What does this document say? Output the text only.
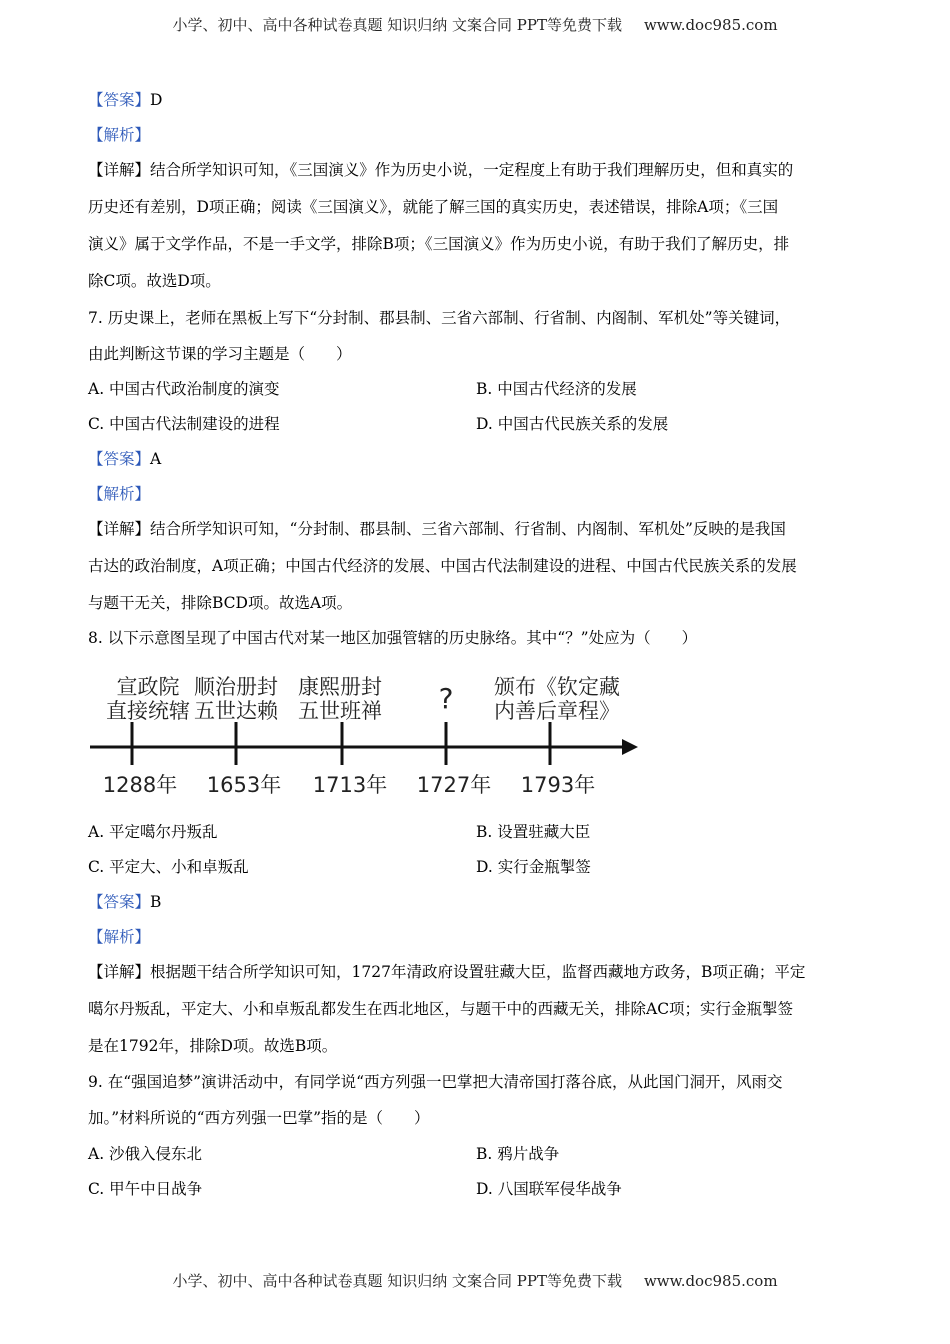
小学、初中、高中各种试卷真题 知识归纳 文案合同 PPT等免费下载 www.doc985.com
【答案】D
【解析】
【详解】结合所学知识可知，《三国演义》作为历史小说，一定程度上有助于我们理解历史，但和真实的
历史还有差别，D项正确；阅读《三国演义》，就能了解三国的真实历史，表述错误，排除A项；《三国
演义》属于文学作品，不是一手文学，排除B项；《三国演义》作为历史小说，有助于我们了解历史，排
除C项。故选D项。
7. 历史课上，老师在黑板上写下“分封制、郡县制、三省六部制、行省制、内阁制、军机处”等关键词，
由此判断这节课的学习主题是（　　）
A. 中国古代政治制度的演变	B. 中国古代经济的发展
C. 中国古代法制建设的进程	D. 中国古代民族关系的发展
【答案】A
【解析】
【详解】结合所学知识可知，“分封制、郡县制、三省六部制、行省制、内阁制、军机处”反映的是我国
古达的政治制度，A项正确；中国古代经济的发展、中国古代法制建设的进程、中国古代民族关系的发展
与题干无关，排除BCD项。故选A项。
8. 以下示意图呈现了中国古代对某一地区加强管辖的历史脉络。其中“？”处应为（　　）
宣政院
直接统辖
1288年
顺治册封
五世达赖
1653年
康熙册封
五世班禅
1713年
?
1727年
颁布《钦定藏
内善后章程》
1793年
A. 平定噶尔丹叛乱	B. 设置驻藏大臣
C. 平定大、小和卓叛乱	D. 实行金瓶掣签
【答案】B
【解析】
【详解】根据题干结合所学知识可知，1727年清政府设置驻藏大臣，监督西藏地方政务，B项正确；平定
噶尔丹叛乱，平定大、小和卓叛乱都发生在西北地区，与题干中的西藏无关，排除AC项；实行金瓶掣签
是在1792年，排除D项。故选B项。
9. 在“强国追梦”演讲活动中，有同学说“西方列强一巴掌把大清帝国打落谷底，从此国门洞开，风雨交
加。”材料所说的“西方列强一巴掌”指的是（　　）
A. 沙俄入侵东北	B. 鸦片战争
C. 甲午中日战争	D. 八国联军侵华战争
小学、初中、高中各种试卷真题 知识归纳 文案合同 PPT等免费下载 www.doc985.com
